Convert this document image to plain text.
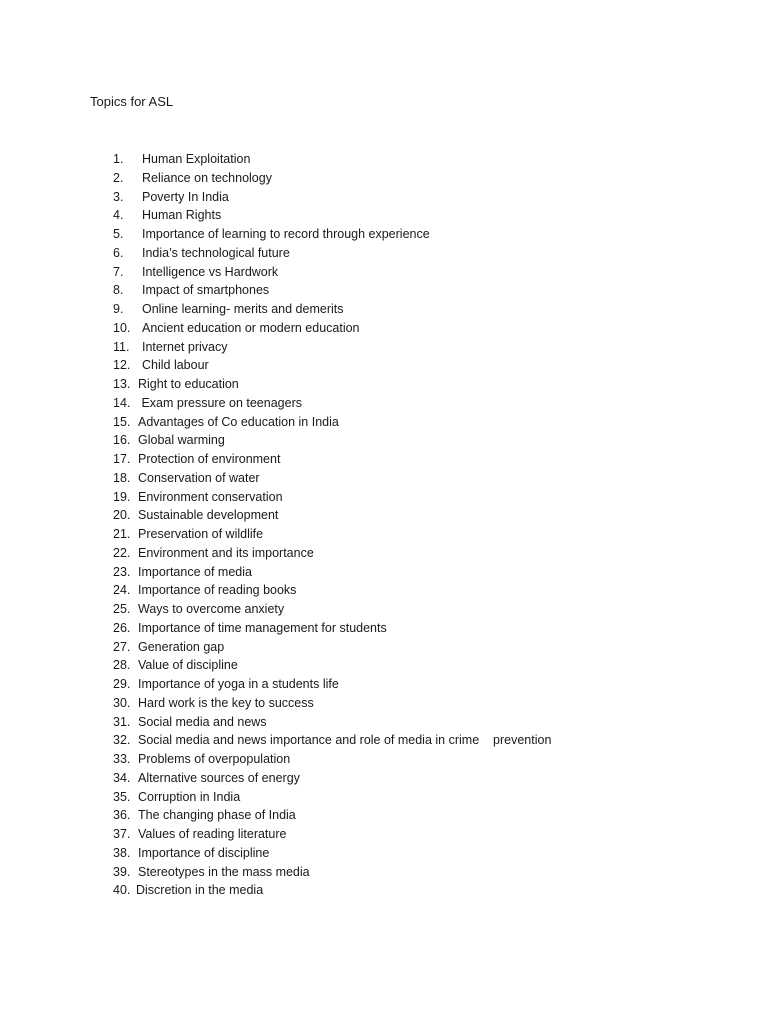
Topics for ASL
1.	Human Exploitation
2.	Reliance on technology
3.	Poverty In India
4.	Human Rights
5.	Importance of learning to record through experience
6.	India’s technological future
7.	Intelligence vs Hardwork
8.	Impact of smartphones
9.	Online learning- merits and demerits
10. Ancient education or modern education
11.	Internet privacy
12. Child labour
13. Right to education
14. Exam pressure on teenagers
15. Advantages of Co education in India
16. Global warming
17. Protection of environment
18. Conservation of water
19. Environment conservation
20. Sustainable development
21. Preservation of wildlife
22. Environment and its importance
23. Importance of media
24. Importance of reading books
25. Ways to overcome anxiety
26. Importance of time management for students
27. Generation gap
28. Value of discipline
29. Importance of yoga in a students life
30. Hard work is the key to success
31. Social media and news
32. Social media and news importance and role of media in crime    prevention
33. Problems of overpopulation
34. Alternative sources of energy
35. Corruption in India
36. The changing phase of India
37. Values of reading literature
38. Importance of discipline
39. Stereotypes in the mass media
40. Discretion in the media
